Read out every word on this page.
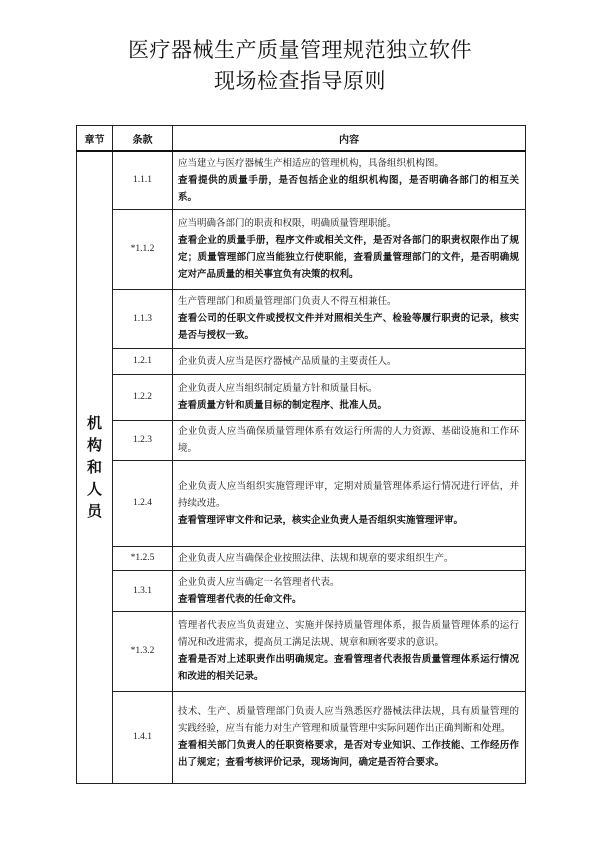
医疗器械生产质量管理规范独立软件
现场检查指导原则
章节	条款	内容

机
构
和
人
员	1.1.1	应当建立与医疗器械生产相适应的管理机构，具备组织机构图。
查看提供的质量手册，是否包括企业的组织机构图，是否明确各部门的相互关系。

	*1.1.2	应当明确各部门的职责和权限，明确质量管理职能。
查看企业的质量手册，程序文件或相关文件，是否对各部门的职责权限作出了规定；质量管理部门应当能独立行使职能，查看质量管理部门的文件，是否明确规定对产品质量的相关事宜负有决策的权利。

	1.1.3	生产管理部门和质量管理部门负责人不得互相兼任。
查看公司的任职文件或授权文件并对照相关生产、检验等履行职责的记录，核实是否与授权一致。

	1.2.1	企业负责人应当是医疗器械产品质量的主要责任人。

	1.2.2	企业负责人应当组织制定质量方针和质量目标。
查看质量方针和质量目标的制定程序、批准人员。

	1.2.3	企业负责人应当确保质量管理体系有效运行所需的人力资源、基础设施和工作环境。

	1.2.4	企业负责人应当组织实施管理评审，定期对质量管理体系运行情况进行评估，并持续改进。
查看管理评审文件和记录，核实企业负责人是否组织实施管理评审。

	*1.2.5	企业负责人应当确保企业按照法律、法规和规章的要求组织生产。

	1.3.1	企业负责人应当确定一名管理者代表。
查看管理者代表的任命文件。

	*1.3.2	管理者代表应当负责建立、实施并保持质量管理体系，报告质量管理体系的运行情况和改进需求，提高员工满足法规、规章和顾客要求的意识。
查看是否对上述职责作出明确规定。查看管理者代表报告质量管理体系运行情况和改进的相关记录。

	1.4.1	技术、生产、质量管理部门负责人应当熟悉医疗器械法律法规，具有质量管理的实践经验，应当有能力对生产管理和质量管理中实际问题作出正确判断和处理。
查看相关部门负责人的任职资格要求，是否对专业知识、工作技能、工作经历作出了规定；查看考核评价记录，现场询问，确定是否符合要求。
